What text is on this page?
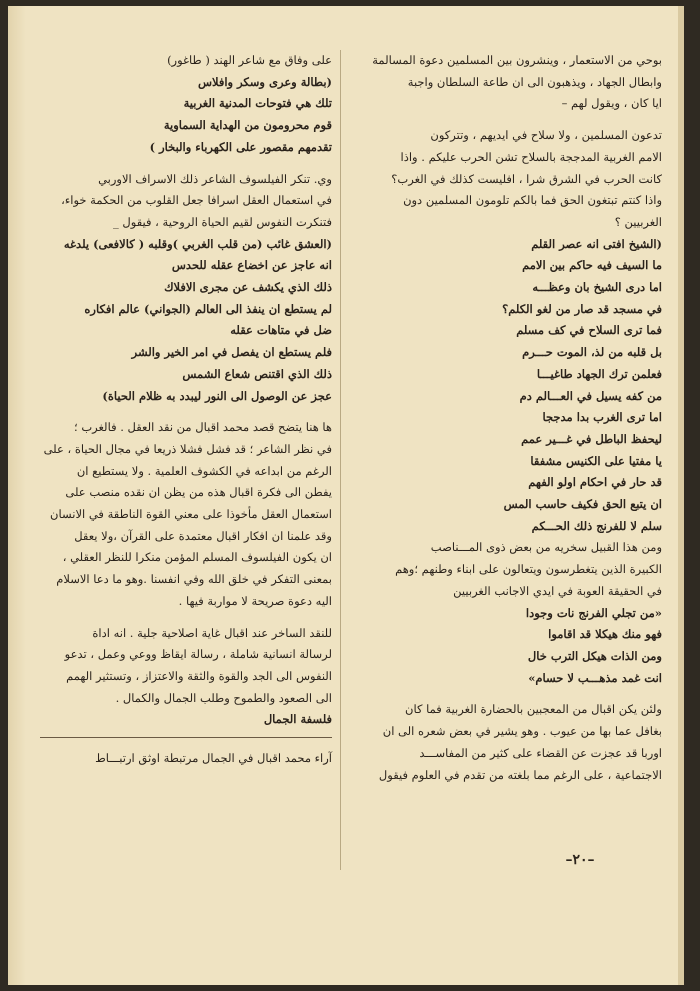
بوحي من الاستعمار ، وينشرون بين المسلمين دعوة المسالمة

وابطال الجهاد ، ويذهبون الى ان طاعة السلطان واجبة

ايا كان ، ويقول لهم –

تدعون المسلمين ، ولا سلاح في ايديهم ، وتتركون

الامم الغربية المدججة بالسلاح تشن الحرب عليكم . واذا

كانت الحرب في الشرق شرا ، افليست كذلك في الغرب؟

واذا كنتم تبتغون الحق فما بالكم تلومون المسلمين دون

الغربيين ؟

(الشيخ افتى انه عصر القلم

ما السيف فيه حاكم بين الامم

اما درى الشيخ بان وعظـــه

في مسجد قد صار من لغو الكلم؟

فما ترى السلاح في كف مسلم

بل قلبه من لذ، الموت حـــرم

فعلمن ترك الجهاد طاغيـــا

من كفه يسيل في العـــالم دم

اما ترى الغرب بدا مدججا

ليحفظ الباطل في غـــير عمم

يا مفتيا على الكنيس مشفقا

قد حار في احكام اولو الفهم

ان يتبع الحق فكيف حاسب المس

سلم لا للفرنج ذلك الحـــكم

ومن هذا القبيل سخريه من بعض ذوى المـــناصب

الكبيرة الذين يتغطرسون ويتعالون على ابناء وطنهم ؛وهم

في الحقيقة العوبة في ايدي الاجانب الغربيين

«من تجلي الفرنج نات وجودا

فهو منك هيكلا قد اقاموا

ومن الذات هيكل الترب خال

انت غمد مذهـــب لا حسام»

ولئن يكن اقبال من المعجبين بالحضارة الغربية فما كان

بغافل عما بها من عيوب . وهو يشير في بعض شعره الى ان

اوربا قد عجزت عن القضاء على كثير من المفاســـد

الاجتماعية ، على الرغم مما بلغته من تقدم في العلوم فيقول

على وفاق مع شاعر الهند ( طاغور)

(بطالة وعرى وسكر وافلاس

تلك هي فتوحات المدنية الغربية

قوم محرومون من الهداية السماوية

تقدمهم مقصور على الكهرباء والبخار )

وي. تنكر الفيلسوف الشاعر ذلك الاسراف الاوربي

في استعمال العقل اسرافا جعل القلوب من الحكمة خواء،

فتنكرت النفوس لقيم الحياة الروحية ، فيقول _

(العشق غائب (من قلب الغربي )وقلبه ( كالافعى) يلدغه

انه عاجز عن اخضاع عقله للحدس

ذلك الذي يكشف عن مجرى الافلاك

لم يستطع ان ينفذ الى العالم (الجواني) عالم افكاره

ضل في متاهات عقله

فلم يستطع ان يفصل في امر الخير والشر

ذلك الذي اقتنص شعاع الشمس

عجز عن الوصول الى النور ليبدد به ظلام الحياة)

ها هنا يتضح قصد محمد اقبال من نقد العقل . فالغرب ؛

في نظر الشاعر ؛ قد فشل فشلا ذريعا في مجال الحياة ، على

الرغم من ابداعه في الكشوف العلمية . ولا يستطيع ان

يفطن الى فكرة اقبال هذه من يظن ان نقده منصب على

استعمال العقل مأخوذا على معني القوة الناطقة في الانسان

وقد علمنا ان افكار اقبال معتمدة على القرآن ،ولا يعقل

ان يكون الفيلسوف المسلم المؤمن منكرا للنظر العقلي ،

بمعنى التفكر في خلق الله وفي انفسنا .وهو ما دعا الاسلام

اليه دعوة صريحة لا مواربة فيها .

للنقد الساخر عند اقبال غاية اصلاحية جلية . انه اداة

لرسالة انسانية شاملة ، رسالة ايقاظ ووعي وعمل ، تدعو

النفوس الى الجد والقوة والثقة والاعتزاز ، وتستثير الهمم

الى الصعود والطموح وطلب الجمال والكمال .

فلسفة الجمال

آراء محمد اقبال في الجمال مرتبطة اوثق ارتبـــاط

–٢٠–
